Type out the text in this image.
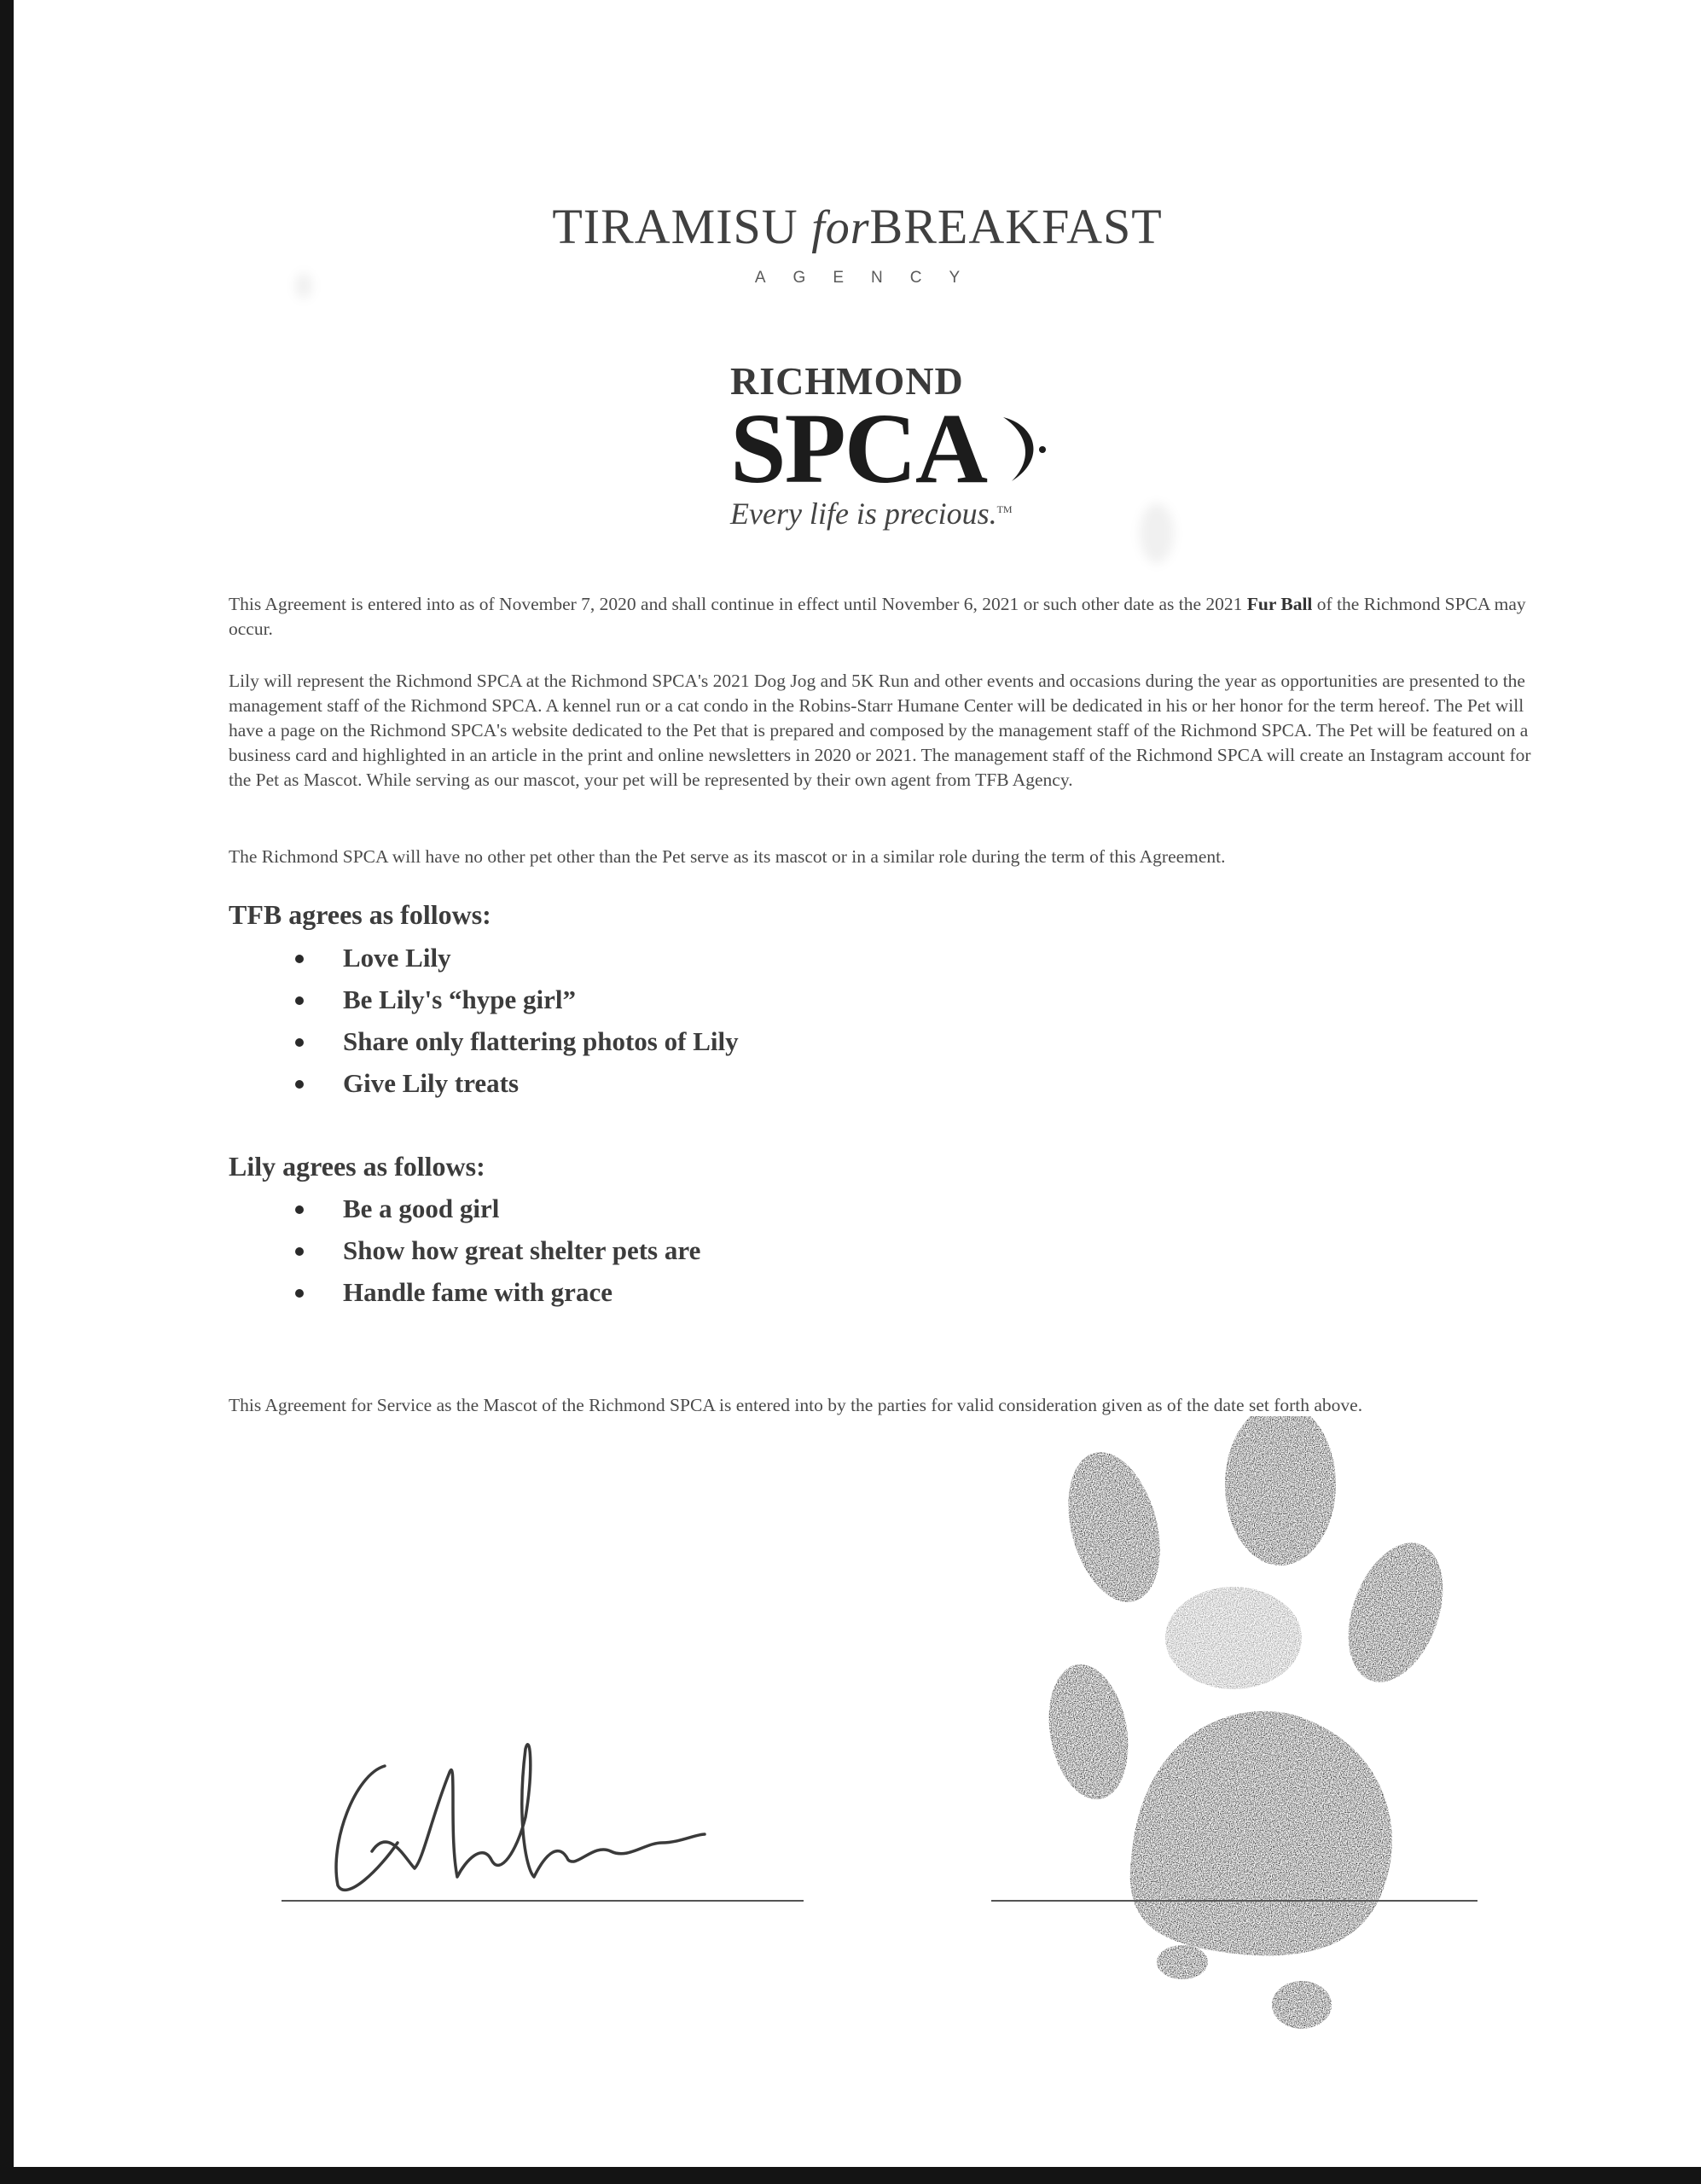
TIRAMISU forBREAKFAST
AGENCY
RICHMOND
SPCA
Every life is precious.™
This Agreement is entered into as of November 7, 2020 and shall continue in effect until November 6, 2021 or such other date as the 2021 Fur Ball of the Richmond SPCA may occur.
Lily will represent the Richmond SPCA at the Richmond SPCA's 2021 Dog Jog and 5K Run and other events and occasions during the year as opportunities are presented to the management staff of the Richmond SPCA. A kennel run or a cat condo in the Robins-Starr Humane Center will be dedicated in his or her honor for the term hereof. The Pet will have a page on the Richmond SPCA's website dedicated to the Pet that is prepared and composed by the management staff of the Richmond SPCA. The Pet will be featured on a business card and highlighted in an article in the print and online newsletters in 2020 or 2021. The management staff of the Richmond SPCA will create an Instagram account for the Pet as Mascot. While serving as our mascot, your pet will be represented by their own agent from TFB Agency.
The Richmond SPCA will have no other pet other than the Pet serve as its mascot or in a similar role during the term of this Agreement.
TFB agrees as follows:
Love Lily
Be Lily's “hype girl”
Share only flattering photos of Lily
Give Lily treats
Lily agrees as follows:
Be a good girl
Show how great shelter pets are
Handle fame with grace
This Agreement for Service as the Mascot of the Richmond SPCA is entered into by the parties for valid consideration given as of the date set forth above.
